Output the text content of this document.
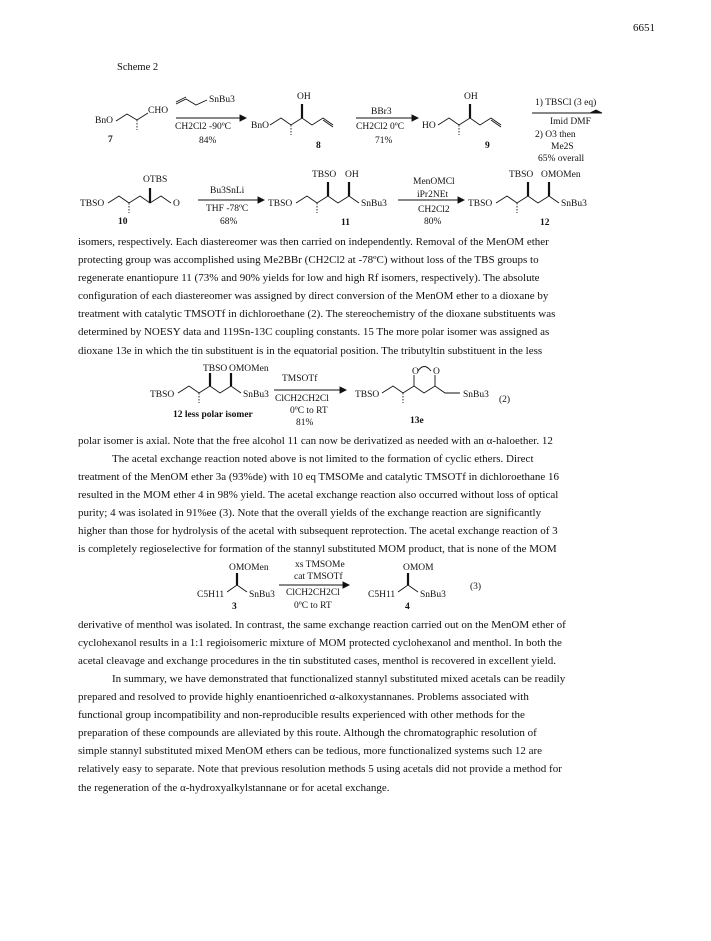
6651
Scheme 2
CHO
BnO
7
SnBu3
CH2Cl2 -90ºC
84%
OH
BnO
8
BBr3
CH2Cl2 0ºC
71%
OH
HO
9
1) TBSCl (3 eq)
Imid DMF
2) O3 then
Me2S
65% overall
OTBS
TBSO	O
10
Bu3SnLi
THF -78ºC
68%
TBSO OH
TBSO	SnBu3
11
MenOMCl
iPr2NEt
CH2Cl2
80%
TBSO OMOMen
TBSO	SnBu3
12
isomers, respectively. Each diastereomer was then carried on independently. Removal of the MenOM ether
protecting group was accomplished using Me2BBr (CH2Cl2 at -78ºC) without loss of the TBS groups to
regenerate enantiopure 11 (73% and 90% yields for low and high Rf isomers, respectively). The absolute
configuration of each diastereomer was assigned by direct conversion of the MenOM ether to a dioxane by
treatment with catalytic TMSOTf in dichloroethane (2). The stereochemistry of the dioxane substituents was
determined by NOESY data and 119Sn-13C coupling constants. 15 The more polar isomer was assigned as
dioxane 13e in which the tin substituent is in the equatorial position. The tributyltin substituent in the less
TBSO OMOMen
TBSO	SnBu3
12 less polar isomer
TMSOTf
ClCH2CH2Cl
0ºC to RT
81%
O O
TBSO	SnBu3
13e
(2)
polar isomer is axial. Note that the free alcohol 11 can now be derivatized as needed with an α-haloether. 12
The acetal exchange reaction noted above is not limited to the formation of cyclic ethers. Direct
treatment of the MenOM ether 3a (93%de) with 10 eq TMSOMe and catalytic TMSOTf in dichloroethane 16
resulted in the MOM ether 4 in 98% yield. The acetal exchange reaction also occurred without loss of optical
purity; 4 was isolated in 91%ee (3). Note that the overall yields of the exchange reaction are significantly
higher than those for hydrolysis of the acetal with subsequent reprotection. The acetal exchange reaction of 3
is completely regioselective for formation of the stannyl substituted MOM product, that is none of the MOM
OMOMen
C5H11	SnBu3
3
xs TMSOMe
cat TMSOTf
ClCH2CH2Cl
0ºC to RT
OMOM
C5H11	SnBu3
4
(3)
derivative of menthol was isolated. In contrast, the same exchange reaction carried out on the MenOM ether of
cyclohexanol results in a 1:1 regioisomeric mixture of MOM protected cyclohexanol and menthol. In both the
acetal cleavage and exchange procedures in the tin substituted cases, menthol is recovered in excellent yield.
In summary, we have demonstrated that functionalized stannyl substituted mixed acetals can be readily
prepared and resolved to provide highly enantioenriched α-alkoxystannanes. Problems associated with
functional group incompatibility and non-reproducible results experienced with other methods for the
preparation of these compounds are alleviated by this route. Although the chromatographic resolution of
simple stannyl substituted mixed MenOM ethers can be tedious, more functionalized systems such 12 are
relatively easy to separate. Note that previous resolution methods 5 using acetals did not provide a method for
the regeneration of the α-hydroxyalkylstannane or for acetal exchange.
